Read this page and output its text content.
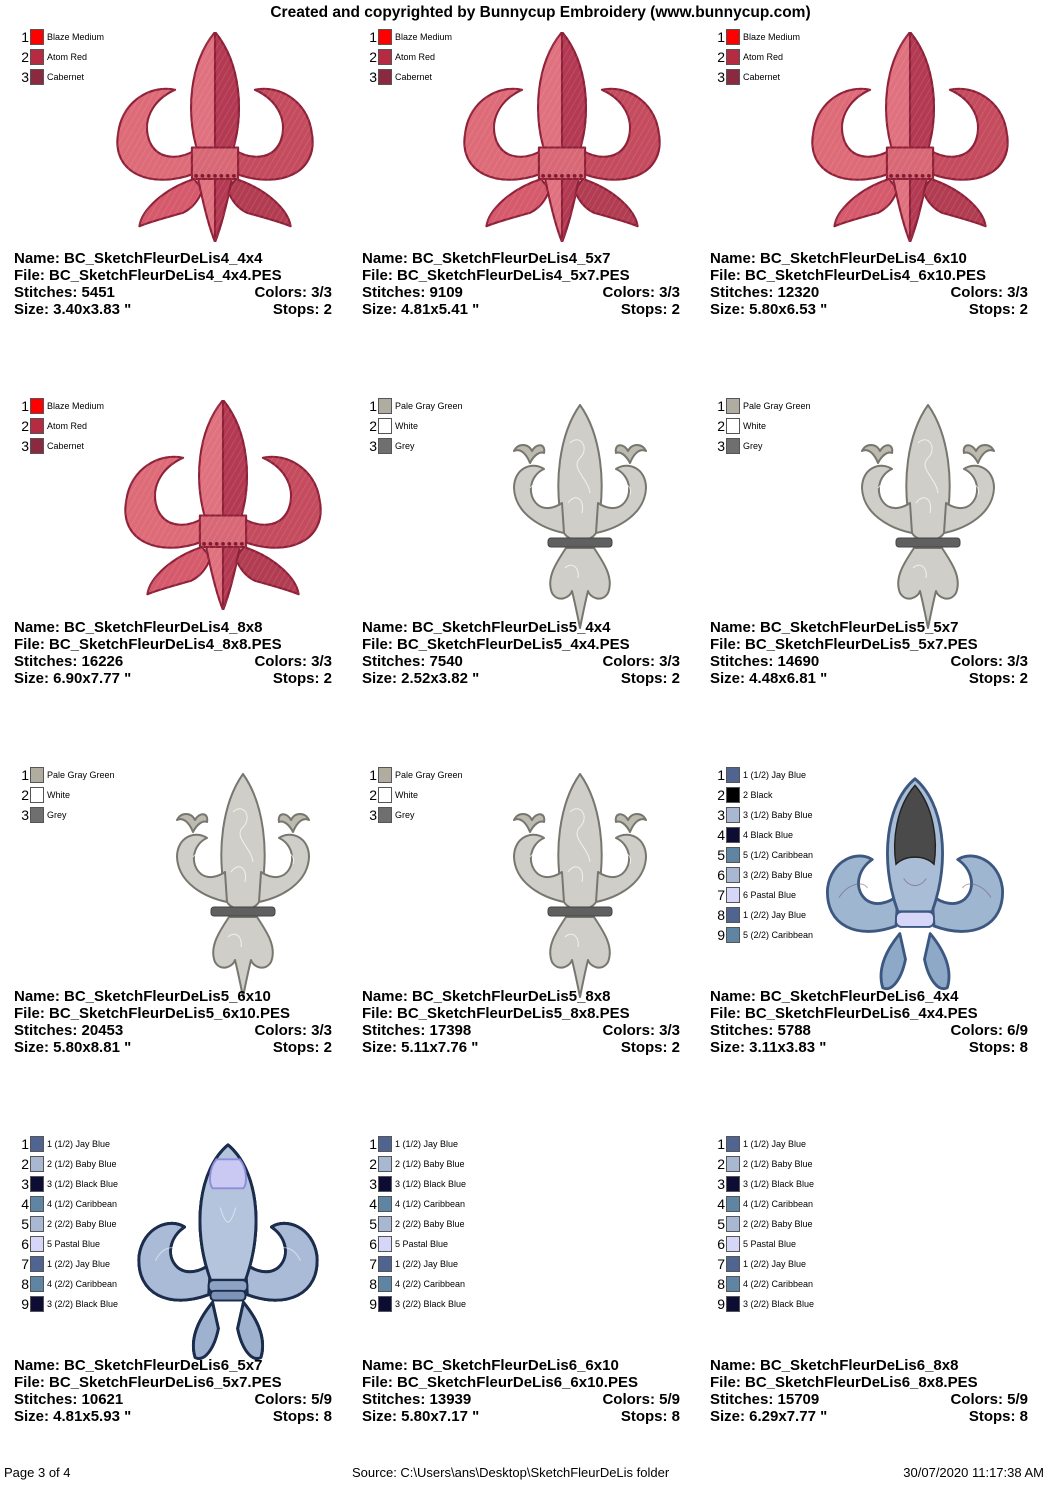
Created and copyrighted by Bunnycup Embroidery (www.bunnycup.com)
1 Blaze Medium
2 Atom Red
3 Cabernet
Name: BC_SketchFleurDeLis4_4x4
File: BC_SketchFleurDeLis4_4x4.PES
Stitches: 5451	Colors: 3/3
Size: 3.40x3.83 "	Stops: 2
1 Blaze Medium
2 Atom Red
3 Cabernet
Name: BC_SketchFleurDeLis4_5x7
File: BC_SketchFleurDeLis4_5x7.PES
Stitches: 9109	Colors: 3/3
Size: 4.81x5.41 "	Stops: 2
1 Blaze Medium
2 Atom Red
3 Cabernet
Name: BC_SketchFleurDeLis4_6x10
File: BC_SketchFleurDeLis4_6x10.PES
Stitches: 12320	Colors: 3/3
Size: 5.80x6.53 "	Stops: 2
1 Blaze Medium
2 Atom Red
3 Cabernet
Name: BC_SketchFleurDeLis4_8x8
File: BC_SketchFleurDeLis4_8x8.PES
Stitches: 16226	Colors: 3/3
Size: 6.90x7.77 "	Stops: 2
1 Pale Gray Green
2 White
3 Grey
Name: BC_SketchFleurDeLis5_4x4
File: BC_SketchFleurDeLis5_4x4.PES
Stitches: 7540	Colors: 3/3
Size: 2.52x3.82 "	Stops: 2
1 Pale Gray Green
2 White
3 Grey
Name: BC_SketchFleurDeLis5_5x7
File: BC_SketchFleurDeLis5_5x7.PES
Stitches: 14690	Colors: 3/3
Size: 4.48x6.81 "	Stops: 2
1 Pale Gray Green
2 White
3 Grey
Name: BC_SketchFleurDeLis5_6x10
File: BC_SketchFleurDeLis5_6x10.PES
Stitches: 20453	Colors: 3/3
Size: 5.80x8.81 "	Stops: 2
1 Pale Gray Green
2 White
3 Grey
Name: BC_SketchFleurDeLis5_8x8
File: BC_SketchFleurDeLis5_8x8.PES
Stitches: 17398	Colors: 3/3
Size: 5.11x7.76 "	Stops: 2
1 1 (1/2) Jay Blue
2 2 Black
3 3 (1/2) Baby Blue
4 4 Black Blue
5 5 (1/2) Caribbean
6 3 (2/2) Baby Blue
7 6 Pastal Blue
8 1 (2/2) Jay Blue
9 5 (2/2) Caribbean
Name: BC_SketchFleurDeLis6_4x4
File: BC_SketchFleurDeLis6_4x4.PES
Stitches: 5788	Colors: 6/9
Size: 3.11x3.83 "	Stops: 8
1 1 (1/2) Jay Blue
2 2 (1/2) Baby Blue
3 3 (1/2) Black Blue
4 4 (1/2) Caribbean
5 2 (2/2) Baby Blue
6 5 Pastal Blue
7 1 (2/2) Jay Blue
8 4 (2/2) Caribbean
9 3 (2/2) Black Blue
Name: BC_SketchFleurDeLis6_5x7
File: BC_SketchFleurDeLis6_5x7.PES
Stitches: 10621	Colors: 5/9
Size: 4.81x5.93 "	Stops: 8
1 1 (1/2) Jay Blue
2 2 (1/2) Baby Blue
3 3 (1/2) Black Blue
4 4 (1/2) Caribbean
5 2 (2/2) Baby Blue
6 5 Pastal Blue
7 1 (2/2) Jay Blue
8 4 (2/2) Caribbean
9 3 (2/2) Black Blue
Name: BC_SketchFleurDeLis6_6x10
File: BC_SketchFleurDeLis6_6x10.PES
Stitches: 13939	Colors: 5/9
Size: 5.80x7.17 "	Stops: 8
1 1 (1/2) Jay Blue
2 2 (1/2) Baby Blue
3 3 (1/2) Black Blue
4 4 (1/2) Caribbean
5 2 (2/2) Baby Blue
6 5 Pastal Blue
7 1 (2/2) Jay Blue
8 4 (2/2) Caribbean
9 3 (2/2) Black Blue
Name: BC_SketchFleurDeLis6_8x8
File: BC_SketchFleurDeLis6_8x8.PES
Stitches: 15709	Colors: 5/9
Size: 6.29x7.77 "	Stops: 8
Page 3 of 4	Source: C:\Users\ans\Desktop\SketchFleurDeLis folder	30/07/2020 11:17:38 AM
